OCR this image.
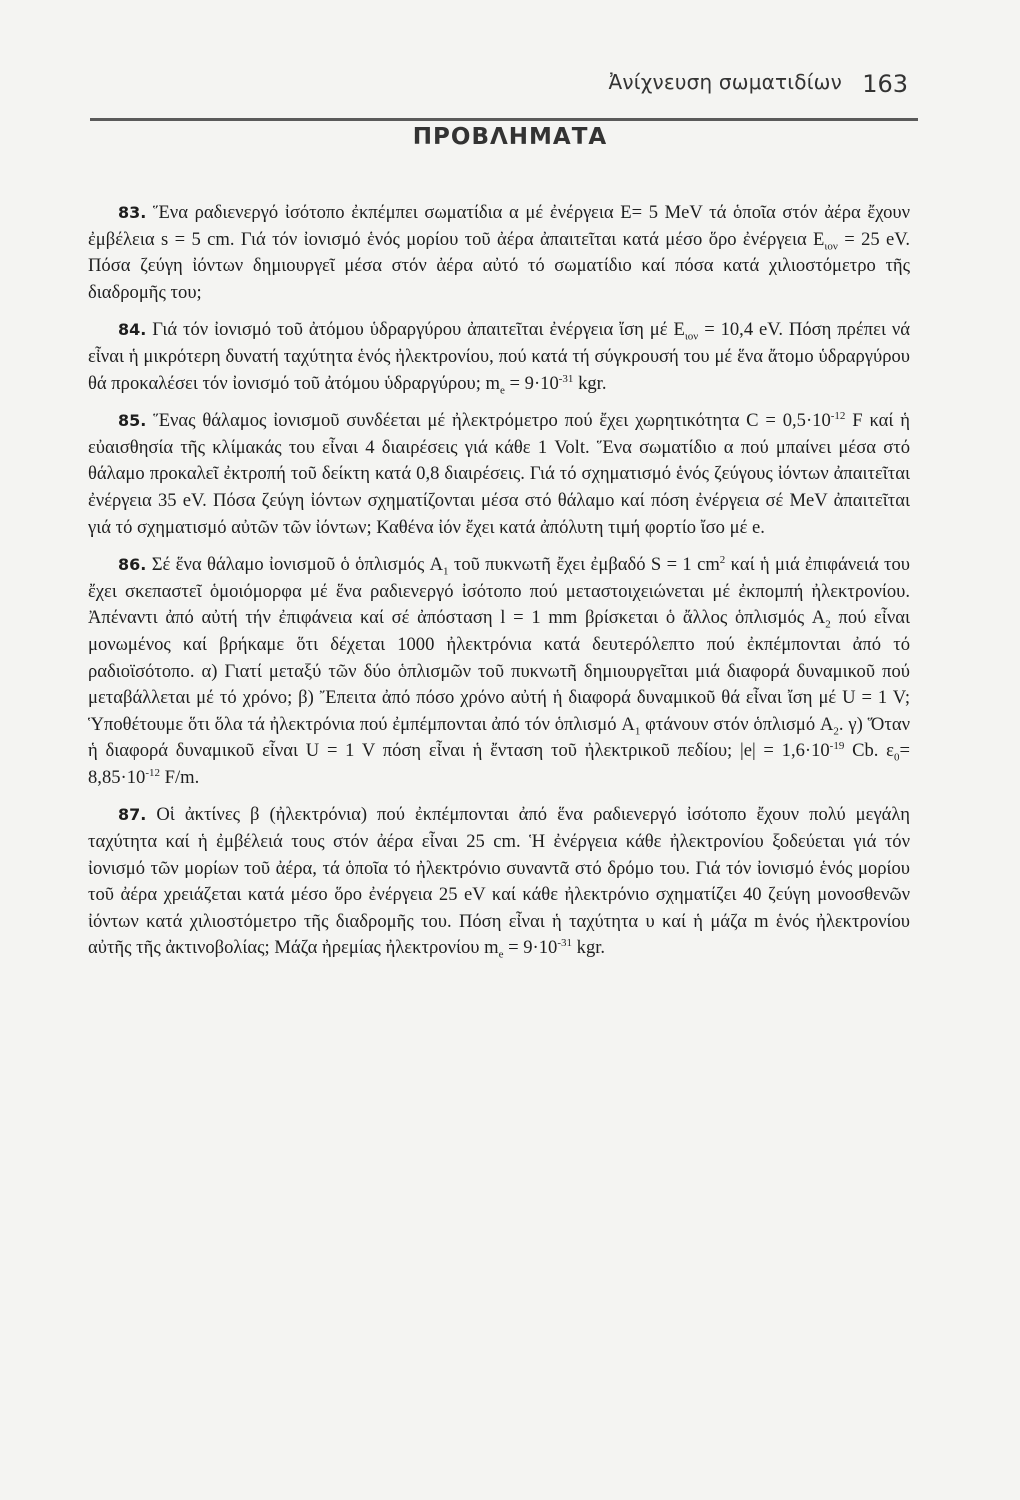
Ἀνίχνευση σωματιδίων 163
ΠΡΟΒΛΗΜΑΤΑ

83. Ἕνα ραδιενεργό ἰσότοπο ἐκπέμπει σωματίδια α μέ ἐνέργεια E= 5 MeV τά ὁποῖα στόν ἀέρα ἔχουν ἐμβέλεια s = 5 cm. Γιά τόν ἰονισμό ἑνός μορίου τοῦ ἀέρα ἀπαιτεῖται κατά μέσο ὅρο ἐνέργεια $E_{\iota o\nu} = 25$ eV. Πόσα ζεύγη ἰόντων δημιουργεῖ μέσα στόν ἀέρα αὐτό τό σωματίδιο καί πόσα κατά χιλιοστόμετρο τῆς διαδρομῆς του;

84. Γιά τόν ἰονισμό τοῦ ἀτόμου ὑδραργύρου ἀπαιτεῖται ἐνέργεια ἴση μέ $E_{\iota o\nu} = 10,4$ eV. Πόση πρέπει νά εἶναι ἡ μικρότερη δυνατή ταχύτητα ἑνός ἠλεκτρονίου, πού κατά τή σύγκρουσή του μέ ἕνα ἄτομο ὑδραργύρου θά προκαλέσει τόν ἰονισμό τοῦ ἀτόμου ὑδραργύρου; $m_e = 9\cdot 10^{-31}$ kgr.

85. Ἕνας θάλαμος ἰονισμοῦ συνδέεται μέ ἠλεκτρόμετρο πού ἔχει χωρητικότητα $C = 0,5\cdot 10^{-12}$ F καί ἡ εὐαισθησία τῆς κλίμακάς του εἶναι 4 διαιρέσεις γιά κάθε 1 Volt. Ἕνα σωματίδιο α πού μπαίνει μέσα στό θάλαμο προκαλεῖ ἐκτροπή τοῦ δείκτη κατά 0,8 διαιρέσεις. Γιά τό σχηματισμό ἑνός ζεύγους ἰόντων ἀπαιτεῖται ἐνέργεια 35 eV. Πόσα ζεύγη ἰόντων σχηματίζονται μέσα στό θάλαμο καί πόση ἐνέργεια σέ MeV ἀπαιτεῖται γιά τό σχηματισμό αὐτῶν τῶν ἰόντων; Καθένα ἰόν ἔχει κατά ἀπόλυτη τιμή φορτίο ἴσο μέ e.

86. Σέ ἕνα θάλαμο ἰονισμοῦ ὁ ὁπλισμός $A_1$ τοῦ πυκνωτῆ ἔχει ἐμβαδό S = 1 $cm^2$ καί ἡ μιά ἐπιφάνειά του ἔχει σκεπαστεῖ ὁμοιόμορφα μέ ἕνα ραδιενεργό ἰσότοπο πού μεταστοιχειώνεται μέ ἐκπομπή ἠλεκτρονίου. Ἀπέναντι ἀπό αὐτή τήν ἐπιφάνεια καί σέ ἀπόσταση l = 1 mm βρίσκεται ὁ ἄλλος ὁπλισμός $A_2$ πού εἶναι μονωμένος καί βρήκαμε ὅτι δέχεται 1000 ἠλεκτρόνια κατά δευτερόλεπτο πού ἐκπέμπονται ἀπό τό ραδιοϊσότοπο. α) Γιατί μεταξύ τῶν δύο ὁπλισμῶν τοῦ πυκνωτῆ δημιουργεῖται μιά διαφορά δυναμικοῦ πού μεταβάλλεται μέ τό χρόνο; β) Ἔπειτα ἀπό πόσο χρόνο αὐτή ἡ διαφορά δυναμικοῦ θά εἶναι ἴση μέ U = 1 V; Ὑποθέτουμε ὅτι ὅλα τά ἠλεκτρόνια πού ἐμπέμπονται ἀπό τόν ὁπλισμό $A_1$ φτάνουν στόν ὁπλισμό $A_2$. γ) Ὅταν ἡ διαφορά δυναμικοῦ εἶναι U = 1 V πόση εἶναι ἡ ἔνταση τοῦ ἠλεκτρικοῦ πεδίου; $|e| = 1,6\cdot 10^{-19}$ Cb. $\varepsilon_0= 8,85\cdot 10^{-12}$ F/m.

87. Οἱ ἀκτίνες β (ἠλεκτρόνια) πού ἐκπέμπονται ἀπό ἕνα ραδιενεργό ἰσότοπο ἔχουν πολύ μεγάλη ταχύτητα καί ἡ ἐμβέλειά τους στόν ἀέρα εἶναι 25 cm. Ἡ ἐνέργεια κάθε ἠλεκτρονίου ξοδεύεται γιά τόν ἰονισμό τῶν μορίων τοῦ ἀέρα, τά ὁποῖα τό ἠλεκτρόνιο συναντᾶ στό δρόμο του. Γιά τόν ἰονισμό ἑνός μορίου τοῦ ἀέρα χρειάζεται κατά μέσο ὅρο ἐνέργεια 25 eV καί κάθε ἠλεκτρόνιο σχηματίζει 40 ζεύγη μονοσθενῶν ἰόντων κατά χιλιοστόμετρο τῆς διαδρομῆς του. Πόση εἶναι ἡ ταχύτητα υ καί ἡ μάζα m ἑνός ἠλεκτρονίου αὐτῆς τῆς ἀκτινοβολίας; Μάζα ἠρεμίας ἠλεκτρονίου $m_e = 9\cdot 10^{-31}$ kgr.
